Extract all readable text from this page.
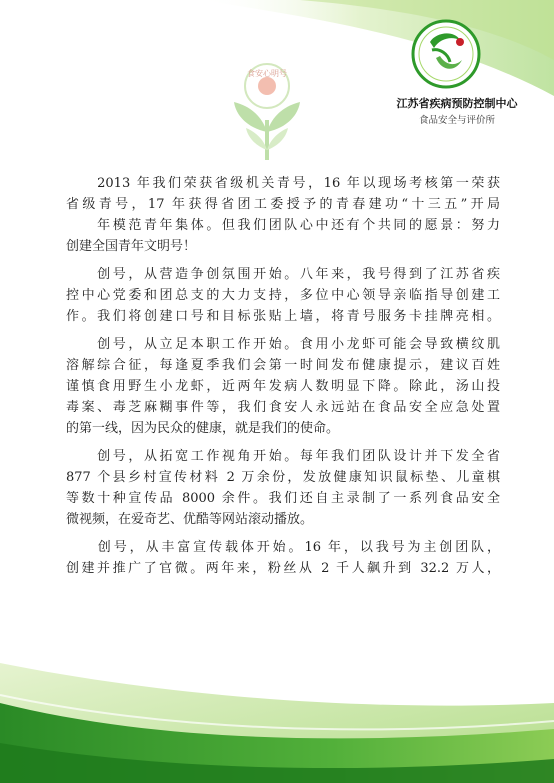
江苏省疾病预防控制中心
食品安全与评价所
食安心明号
　　2013 年我们荣获省级机关青号，16 年以现场考核第一荣获
省级青号，17 年获得省团工委授予的青春建功“十三五”开局
　　年模范青年集体。但我们团队心中还有个共同的愿景：努力
创建全国青年文明号！
　　创号，从营造争创氛围开始。八年来，我号得到了江苏省疾
控中心党委和团总支的大力支持，多位中心领导亲临指导创建工
作。我们将创建口号和目标张贴上墙，将青号服务卡挂牌亮相。
　　创号，从立足本职工作开始。食用小龙虾可能会导致横纹肌
溶解综合征，每逢夏季我们会第一时间发布健康提示，建议百姓
谨慎食用野生小龙虾，近两年发病人数明显下降。除此，汤山投
毒案、毒芝麻糊事件等，我们食安人永远站在食品安全应急处置
的第一线，因为民众的健康，就是我们的使命。
　　创号，从拓宽工作视角开始。每年我们团队设计并下发全省
877 个县乡村宣传材料 2 万余份，发放健康知识鼠标垫、儿童棋
等数十种宣传品 8000 余件。我们还自主录制了一系列食品安全
微视频，在爱奇艺、优酷等网站滚动播放。
　　创号，从丰富宣传载体开始。16 年，以我号为主创团队，
创建并推广了官微。两年来，粉丝从 2 千人飙升到 32.2 万人，
